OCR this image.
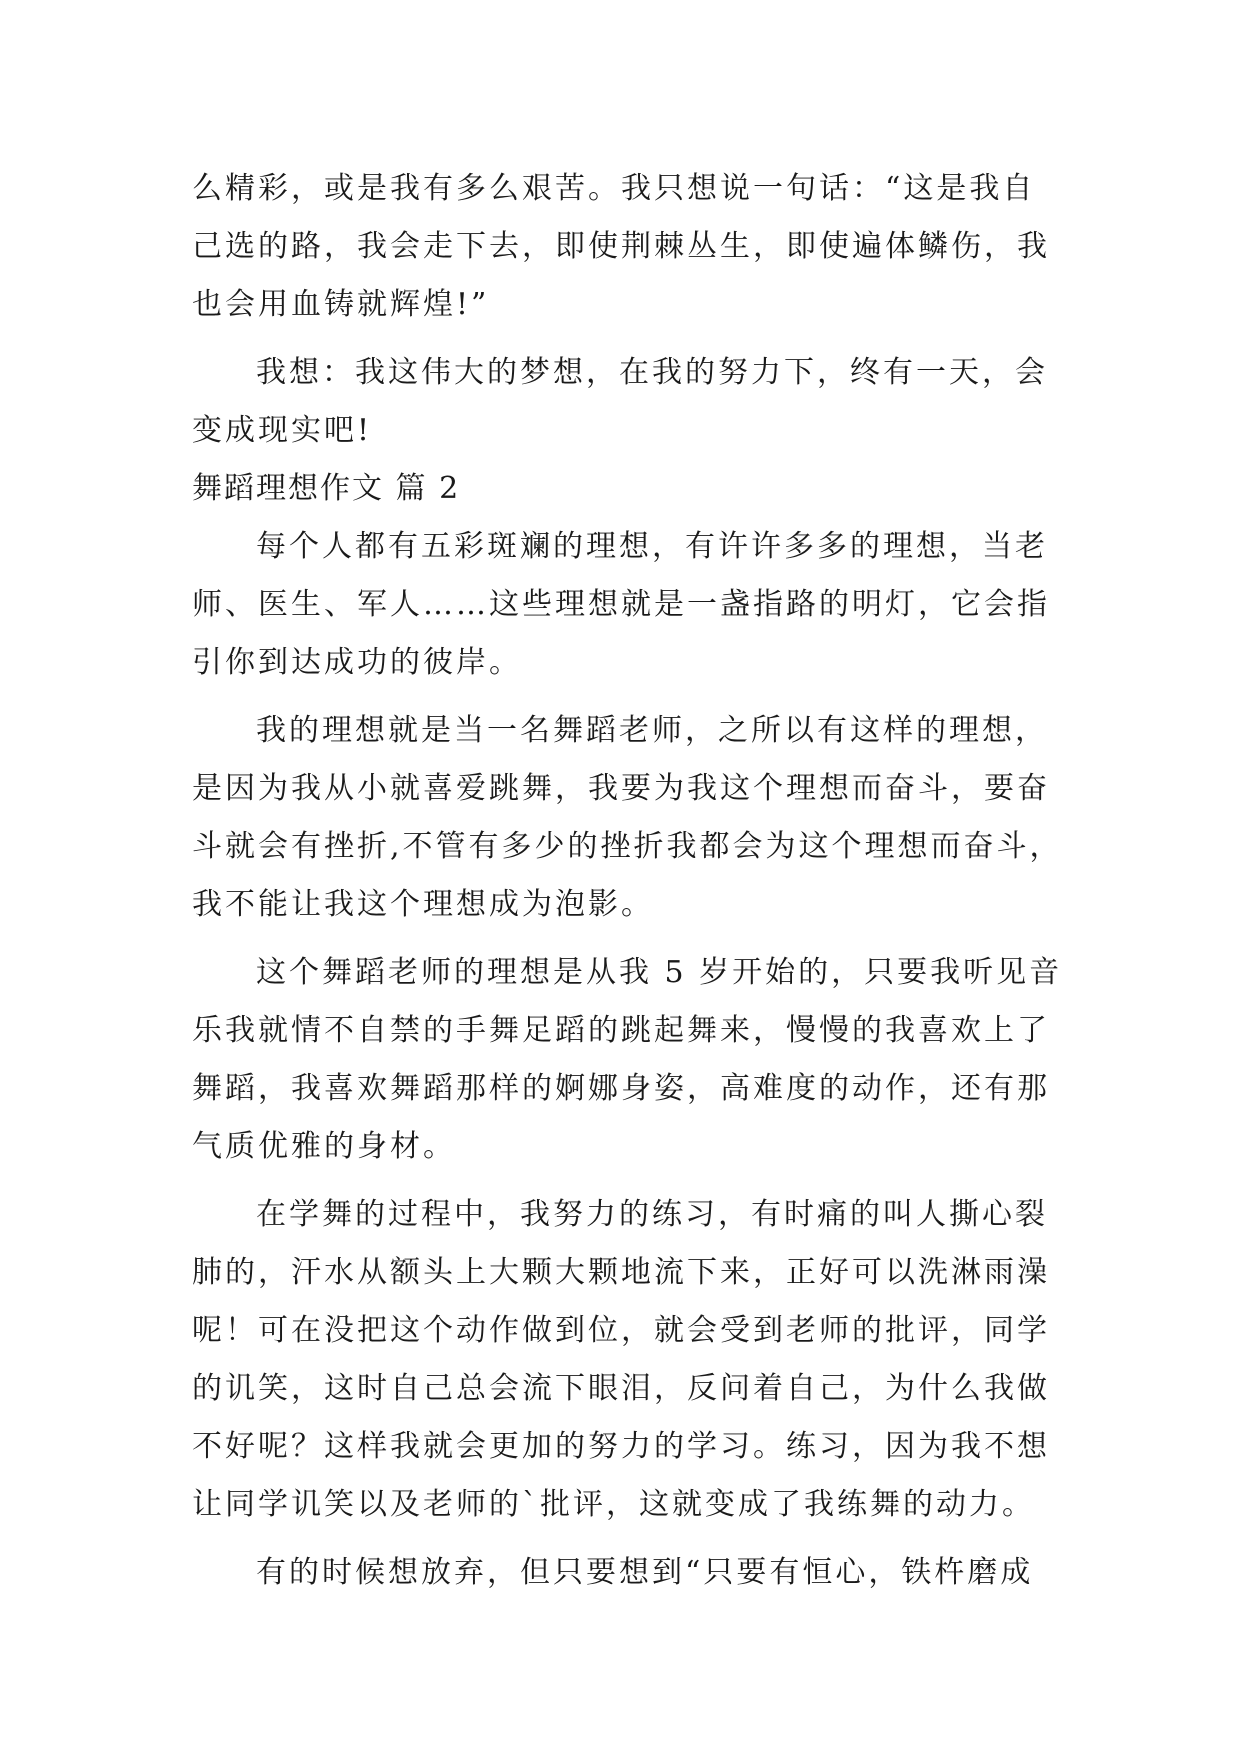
么精彩，或是我有多么艰苦。我只想说一句话：“这是我自
己选的路，我会走下去，即使荆棘丛生，即使遍体鳞伤，我
也会用血铸就辉煌!”
我想：我这伟大的梦想，在我的努力下，终有一天，会
变成现实吧!
舞蹈理想作文 篇 2
每个人都有五彩斑斓的理想，有许许多多的理想，当老
师、医生、军人……这些理想就是一盏指路的明灯，它会指
引你到达成功的彼岸。
我的理想就是当一名舞蹈老师，之所以有这样的理想，
是因为我从小就喜爱跳舞，我要为我这个理想而奋斗，要奋
斗就会有挫折,不管有多少的挫折我都会为这个理想而奋斗，
我不能让我这个理想成为泡影。
这个舞蹈老师的理想是从我 5 岁开始的，只要我听见音
乐我就情不自禁的手舞足蹈的跳起舞来，慢慢的我喜欢上了
舞蹈，我喜欢舞蹈那样的婀娜身姿，高难度的动作，还有那
气质优雅的身材。
在学舞的过程中，我努力的练习，有时痛的叫人撕心裂
肺的，汗水从额头上大颗大颗地流下来，正好可以洗淋雨澡
呢！可在没把这个动作做到位，就会受到老师的批评，同学
的讥笑，这时自己总会流下眼泪，反问着自己，为什么我做
不好呢？这样我就会更加的努力的学习。练习，因为我不想
让同学讥笑以及老师的`批评，这就变成了我练舞的动力。
有的时候想放弃，但只要想到“只要有恒心，铁杵磨成
